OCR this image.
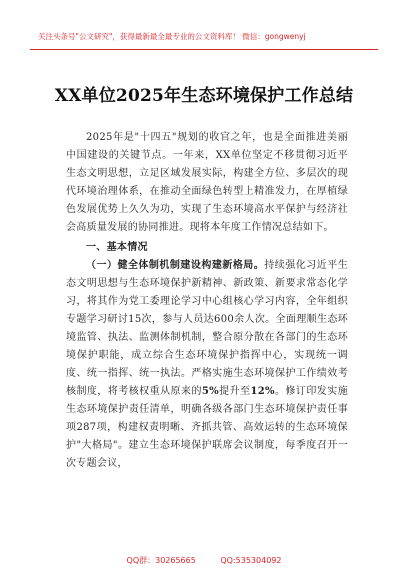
关注头条号"公文研究"，获得最新最全最专业的公文资料库！ 微信：gongwenyj
XX单位2025年生态环境保护工作总结

2025年是"十四五"规划的收官之年，也是全面推进美丽中国建设的关键节点。一年来，XX单位坚定不移贯彻习近平生态文明思想，立足区域发展实际，构建全方位、多层次的现代环境治理体系，在推动全面绿色转型上精准发力，在厚植绿色发展优势上久久为功，实现了生态环境高水平保护与经济社会高质量发展的协同推进。现将本年度工作情况总结如下。

一、基本情况

（一）健全体制机制建设构建新格局。持续强化习近平生态文明思想与生态环境保护新精神、新政策、新要求常态化学习，将其作为党工委理论学习中心组核心学习内容，全年组织专题学习研讨15次，参与人员达600余人次。全面理顺生态环境监管、执法、监测体制机制，整合原分散在各部门的生态环境保护职能，成立综合生态环境保护指挥中心，实现统一调度、统一指挥、统一执法。严格实施生态环境保护工作绩效考核制度，将考核权重从原来的5%提升至12%。修订印发实施生态环境保护责任清单，明确各级各部门生态环境保护责任事项287项，构建权责明晰、齐抓共管、高效运转的生态环境保护"大格局"。建立生态环境保护联席会议制度，每季度召开一次专题会议，

QQ群：30265665	QQ:535304092
